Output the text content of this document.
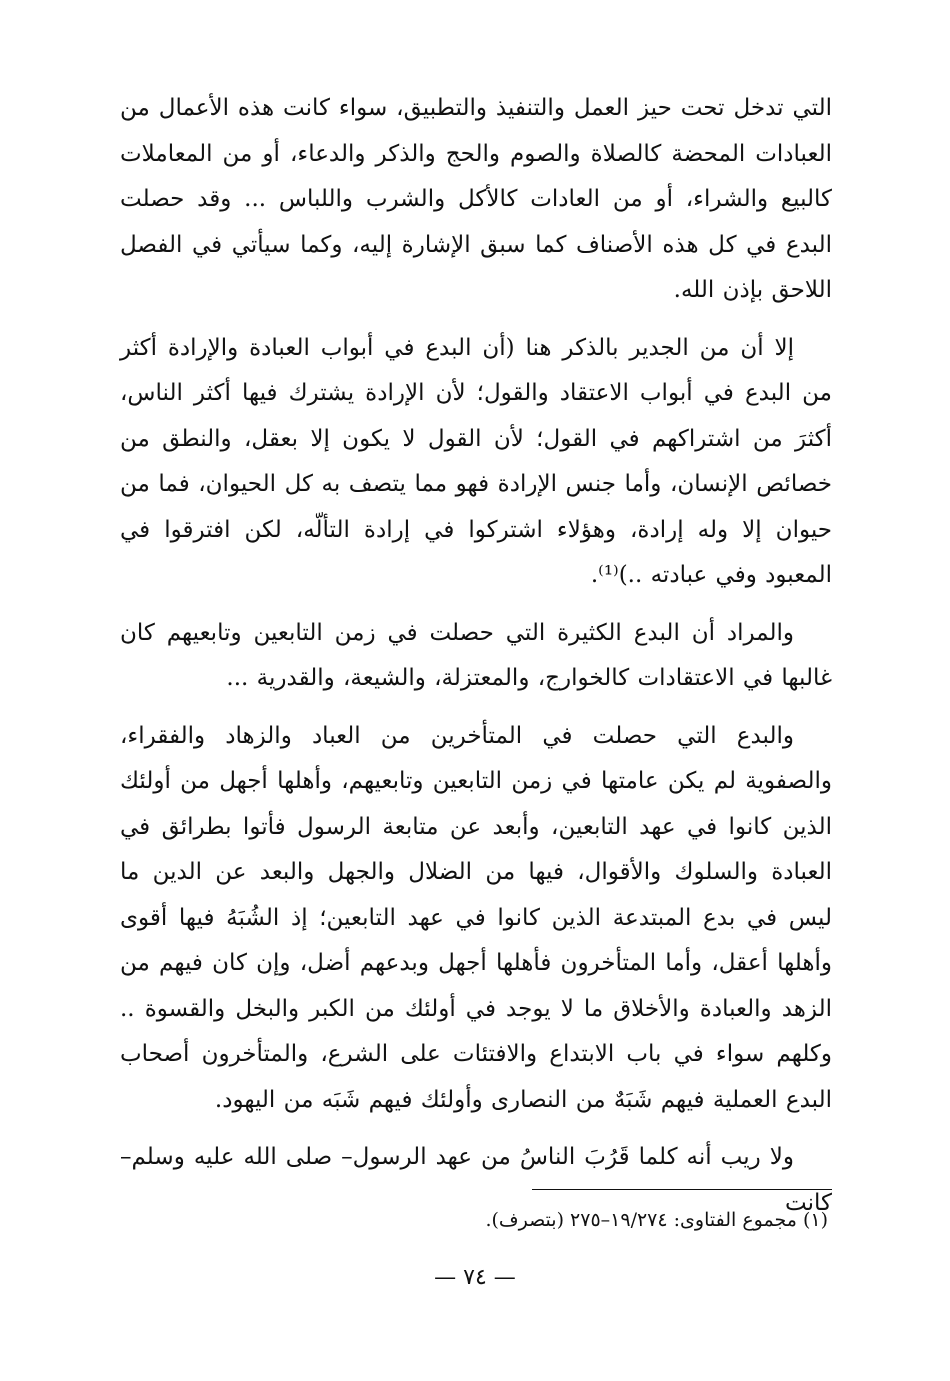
التي تدخل تحت حيز العمل والتنفيذ والتطبيق، سواء كانت هذه الأعمال من العبادات المحضة كالصلاة والصوم والحج والذكر والدعاء، أو من المعاملات كالبيع والشراء، أو من العادات كالأكل والشرب واللباس ... وقد حصلت البدع في كل هذه الأصناف كما سبق الإشارة إليه، وكما سيأتي في الفصل اللاحق بإذن الله.

إلا أن من الجدير بالذكر هنا (أن البدع في أبواب العبادة والإرادة أكثر من البدع في أبواب الاعتقاد والقول؛ لأن الإرادة يشترك فيها أكثر الناس، أكثرَ من اشتراكهم في القول؛ لأن القول لا يكون إلا بعقل، والنطق من خصائص الإنسان، وأما جنس الإرادة فهو مما يتصف به كل الحيوان، فما من حيوان إلا وله إرادة، وهؤلاء اشتركوا في إرادة التألّه، لكن افترقوا في المعبود وفي عبادته ..)⁽¹⁾.

والمراد أن البدع الكثيرة التي حصلت في زمن التابعين وتابعيهم كان غالبها في الاعتقادات كالخوارج، والمعتزلة، والشيعة، والقدرية ...

والبدع التي حصلت في المتأخرين من العباد والزهاد والفقراء، والصفوية لم يكن عامتها في زمن التابعين وتابعيهم، وأهلها أجهل من أولئك الذين كانوا في عهد التابعين، وأبعد عن متابعة الرسول فأتوا بطرائق في العبادة والسلوك والأقوال، فيها من الضلال والجهل والبعد عن الدين ما ليس في بدع المبتدعة الذين كانوا في عهد التابعين؛ إذ الشُبَهُ فيها أقوى وأهلها أعقل، وأما المتأخرون فأهلها أجهل وبدعهم أضل، وإن كان فيهم من الزهد والعبادة والأخلاق ما لا يوجد في أولئك من الكبر والبخل والقسوة .. وكلهم سواء في باب الابتداع والافتئات على الشرع، والمتأخرون أصحاب البدع العملية فيهم شَبَهٌ من النصارى وأولئك فيهم شَبَه من اليهود.

ولا ريب أنه كلما قَرُبَ الناسُ من عهد الرسول– صلى الله عليه وسلم– كانت

(١) مجموع الفتاوى: ١٩/٢٧٤–٢٧٥ (بتصرف).
— ٧٤ —
